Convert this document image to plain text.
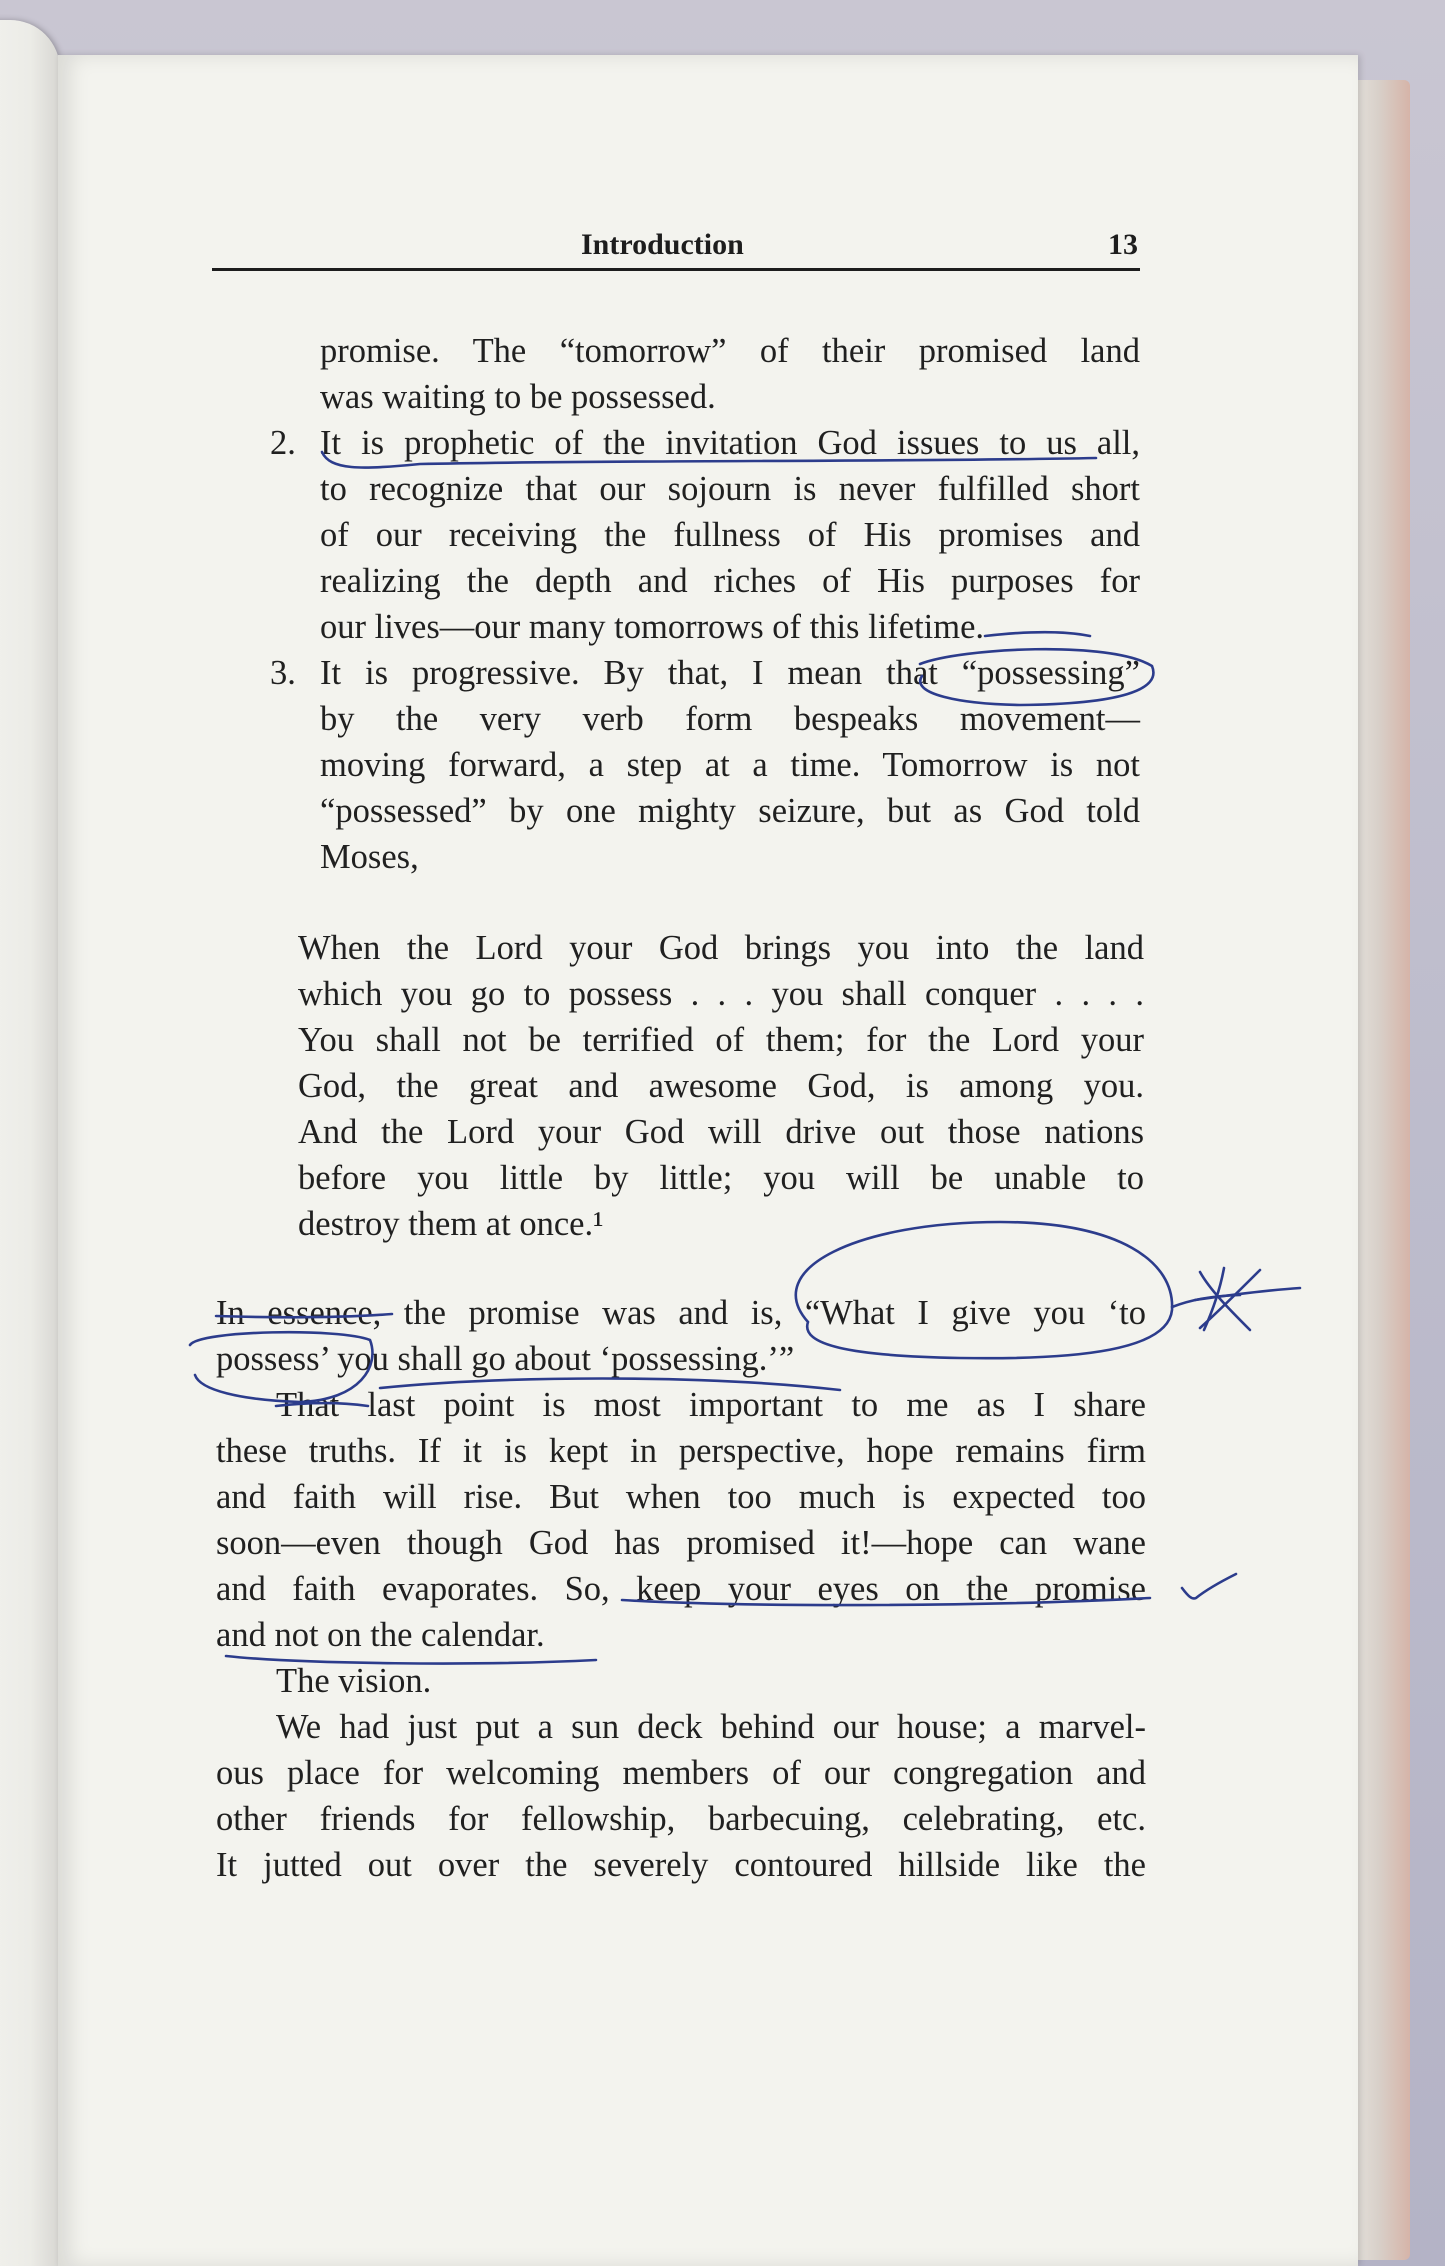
Introduction	13
promise. The “tomorrow” of their promised land
was waiting to be possessed.
2. It is prophetic of the invitation God issues to us all,
to recognize that our sojourn is never fulfilled short
of our receiving the fullness of His promises and
realizing the depth and riches of His purposes for
our lives—our many tomorrows of this lifetime.
3. It is progressive. By that, I mean that “possessing”
by the very verb form bespeaks movement—
moving forward, a step at a time. Tomorrow is not
“possessed” by one mighty seizure, but as God told
Moses,
When the Lord your God brings you into the land
which you go to possess . . . you shall conquer . . . .
You shall not be terrified of them; for the Lord your
God, the great and awesome God, is among you.
And the Lord your God will drive out those nations
before you little by little; you will be unable to
destroy them at once.¹
In essence, the promise was and is, “What I give you ‘to
possess’ you shall go about ‘possessing.’”
That last point is most important to me as I share
these truths. If it is kept in perspective, hope remains firm
and faith will rise. But when too much is expected too
soon—even though God has promised it!—hope can wane
and faith evaporates. So, keep your eyes on the promise
and not on the calendar.
The vision.
We had just put a sun deck behind our house; a marvel-
ous place for welcoming members of our congregation and
other friends for fellowship, barbecuing, celebrating, etc.
It jutted out over the severely contoured hillside like the
